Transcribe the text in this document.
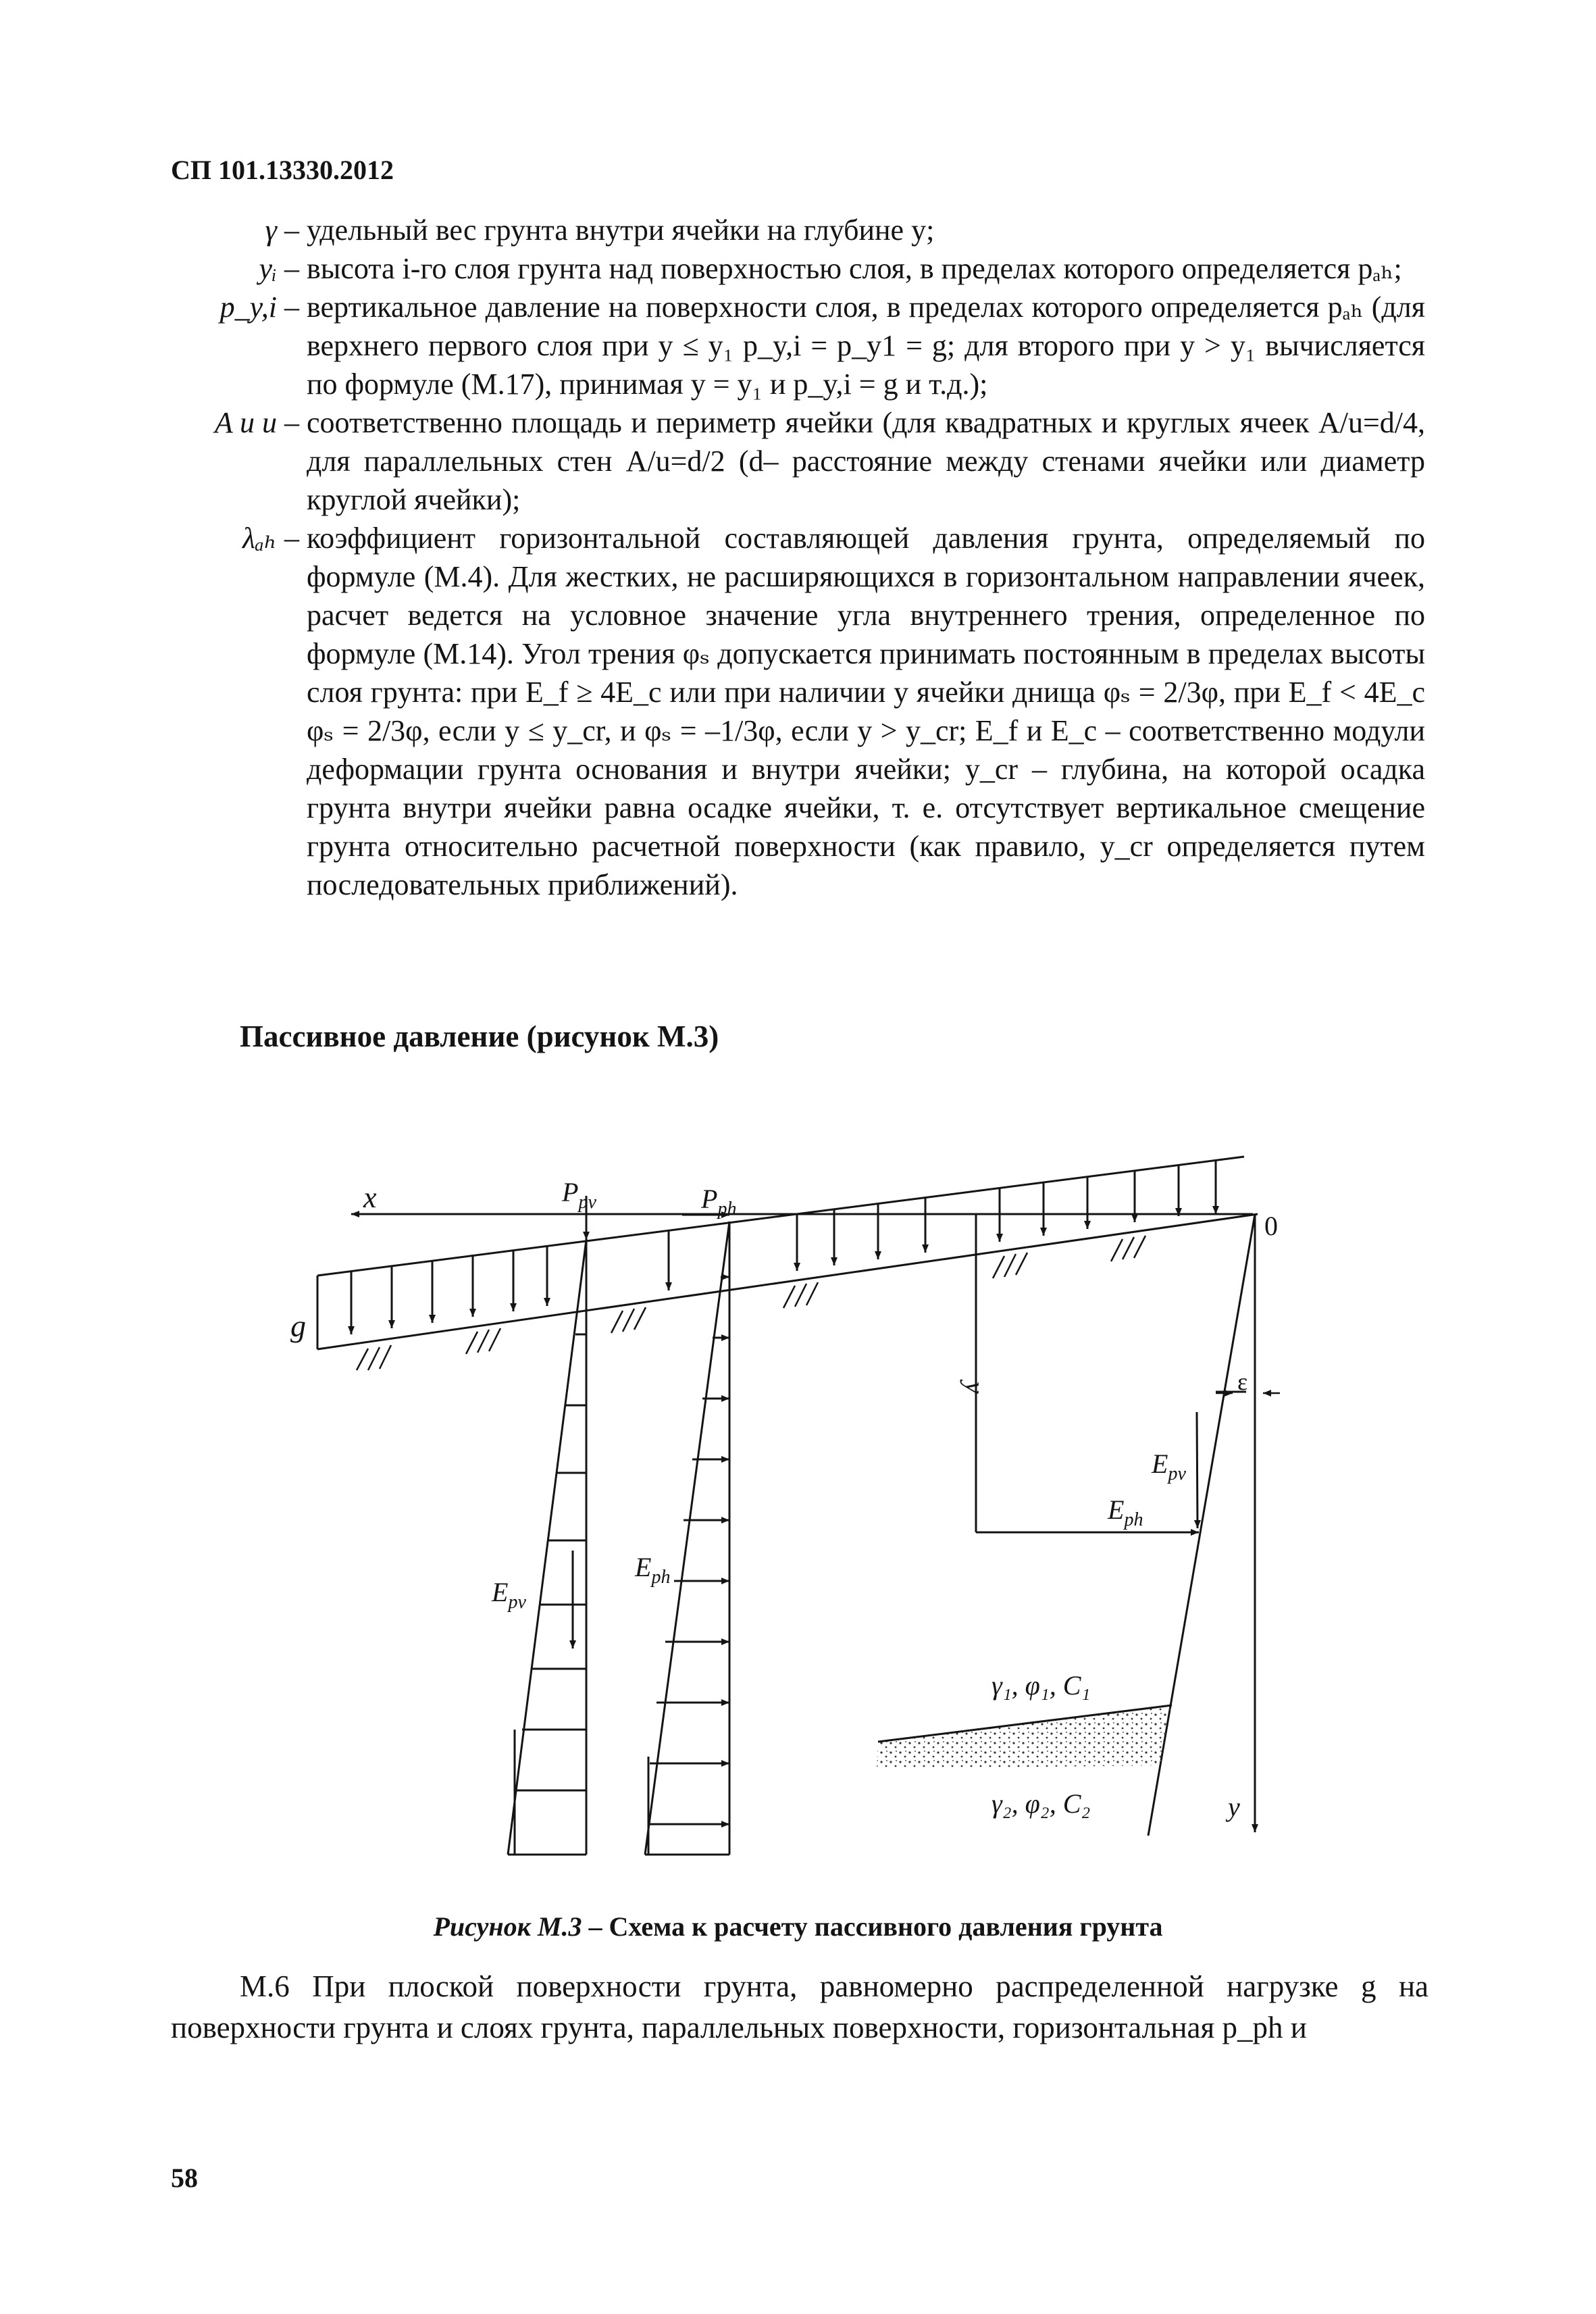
СП 101.13330.2012
γ – удельный вес грунта внутри ячейки на глубине y;
yᵢ – высота i-го слоя грунта над поверхностью слоя, в пределах которого определяется pₐₕ;
p_y,i – вертикальное давление на поверхности слоя, в пределах которого определяется pₐₕ (для верхнего первого слоя при y ≤ y₁ p_y,i = p_y1 = g; для второго при y > y₁ вычисляется по формуле (М.17), принимая y = y₁ и p_y,i = g и т.д.);
A и u – соответственно площадь и периметр ячейки (для квадратных и круглых ячеек A/u=d/4, для параллельных стен A/u=d/2 (d– расстояние между стенами ячейки или диаметр круглой ячейки);
λₐₕ – коэффициент горизонтальной составляющей давления грунта, определяемый по формуле (М.4). Для жестких, не расширяющихся в горизонтальном направлении ячеек, расчет ведется на условное значение угла внутреннего трения, определенное по формуле (М.14). Угол трения φₛ допускается принимать постоянным в пределах высоты слоя грунта: при E_f ≥ 4E_c или при наличии у ячейки днища φₛ = 2/3φ, при E_f < 4E_c φₛ = 2/3φ, если y ≤ y_cr, и φₛ = –1/3φ, если y > y_cr; E_f и E_c – соответственно модули деформации грунта основания и внутри ячейки; y_cr – глубина, на которой осадка грунта внутри ячейки равна осадке ячейки, т. е. отсутствует вертикальное смещение грунта относительно расчетной поверхности (как правило, y_cr определяется путем последовательных приближений).
Пассивное давление (рисунок М.3)
x
0
g
$P_{pv}$	$P_{ph}$
y	ε
$E_{pv}$
$E_{ph}$
$E_{pv}$
$E_{ph}$
γ₁, φ₁, C₁
γ₂, φ₂, C₂	y
Рисунок М.3 – Схема к расчету пассивного давления грунта

М.6 При плоской поверхности грунта, равномерно распределенной нагрузке g на поверхности грунта и слоях грунта, параллельных поверхности, горизонтальная p_ph и

58
